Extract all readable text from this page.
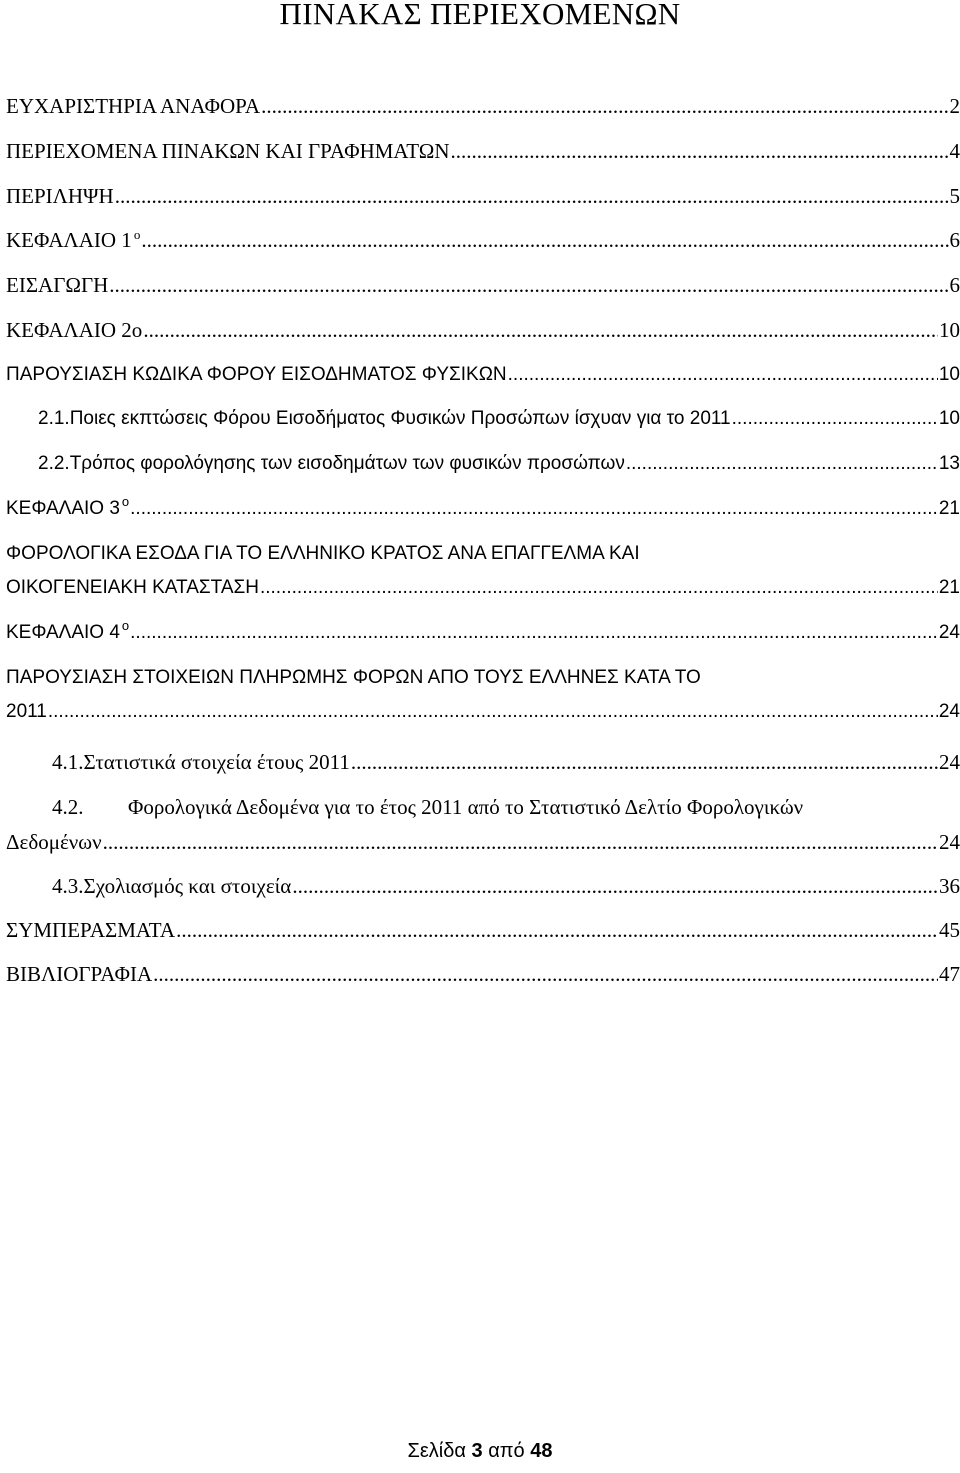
ΠΙΝΑΚΑΣ ΠΕΡΙΕΧΟΜΕΝΩΝ
ΕΥΧΑΡΙΣΤΗΡΙΑ ΑΝΑΦΟΡΑ .....	2
ΠΕΡΙΕΧΟΜΕΝΑ ΠΙΝΑΚΩΝ ΚΑΙ ΓΡΑΦΗΜΑΤΩΝ .....	4
ΠΕΡΙΛΗΨΗ .....	5
ΚΕΦΑΛΑΙΟ 1 $^o$ .....	6
ΕΙΣΑΓΩΓΗ .....	6
ΚΕΦΑΛΑΙΟ 2ο .....	10
ΠΑΡΟΥΣΙΑΣΗ ΚΩΔΙΚΑ ΦΟΡΟΥ ΕΙΣΟΔΗΜΑΤΟΣ ΦΥΣΙΚΩΝ .....	10
2.1. Ποιες εκπτώσεις Φόρου Εισοδήματος Φυσικών Προσώπων ίσχυαν για το 2011 .....	10
2.2. Τρόπος φορολόγησης των εισοδημάτων των φυσικών προσώπων .....	13
ΚΕΦΑΛΑΙΟ 3 $^o$ .....	21
ΦΟΡΟΛΟΓΙΚΑ ΕΣΟΔΑ ΓΙΑ ΤΟ ΕΛΛΗΝΙΚΟ ΚΡΑΤΟΣ ΑΝΑ ΕΠΑΓΓΕΛΜΑ ΚΑΙ
ΟΙΚΟΓΕΝΕΙΑΚΗ ΚΑΤΑΣΤΑΣΗ .....	21
ΚΕΦΑΛΑΙΟ 4 $^o$ .....	24
ΠΑΡΟΥΣΙΑΣΗ ΣΤΟΙΧΕΙΩΝ ΠΛΗΡΩΜΗΣ ΦΟΡΩΝ ΑΠΟ ΤΟΥΣ ΕΛΛΗΝΕΣ ΚΑΤΑ ΤΟ
2011 .....	24
4.1. Στατιστικά στοιχεία έτους 2011 .....	24
4.2. Φορολογικά Δεδομένα για το έτος 2011 από το Στατιστικό Δελτίο Φορολογικών
Δεδομένων .....	24
4.3. Σχολιασμός και στοιχεία .....	36
ΣΥΜΠΕΡΑΣΜΑΤΑ .....	45
ΒΙΒΛΙΟΓΡΑΦΙΑ .....	47
Σελίδα 3 από 48
